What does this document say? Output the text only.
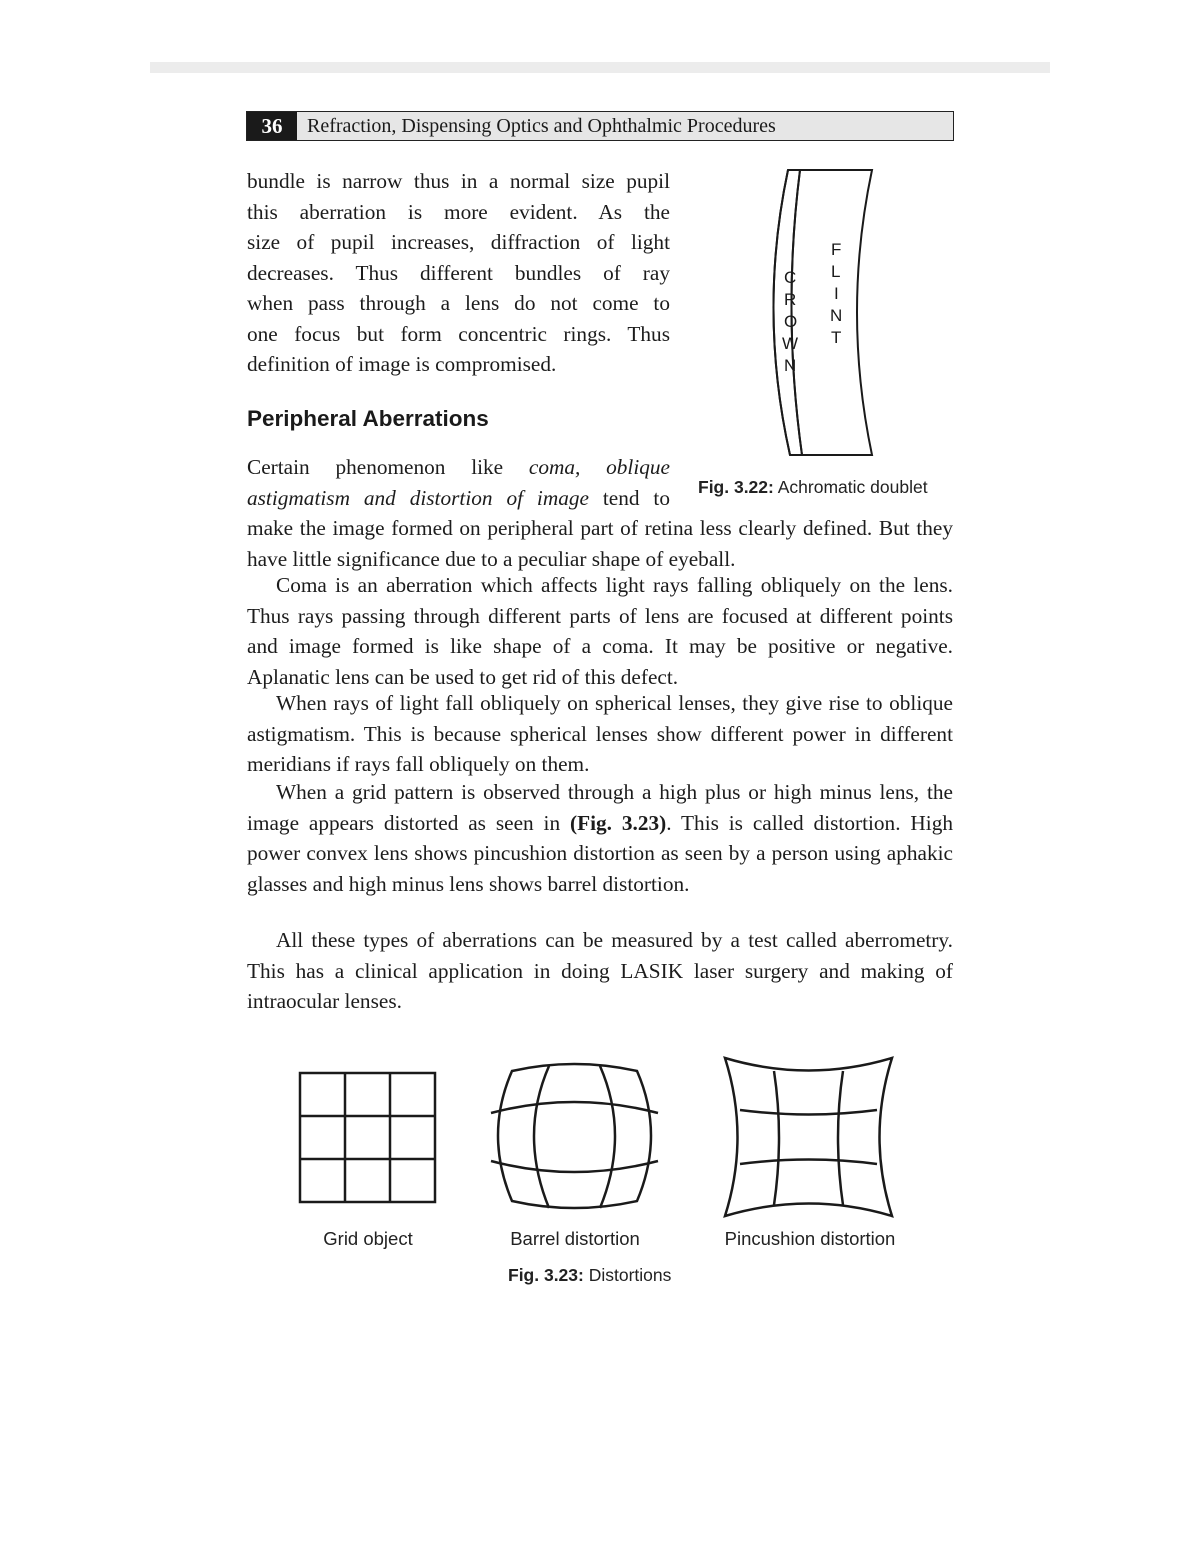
36	Refraction, Dispensing Optics and Ophthalmic Procedures
bundle is narrow thus in a normal size pupil
this aberration is more evident. As the
size of pupil increases, diffraction of light
decreases. Thus different bundles of ray
when pass through a lens do not come to
one focus but form concentric rings. Thus
definition of image is compromised.
Peripheral Aberrations
Certain phenomenon like coma, oblique
astigmatism and distortion of image tend to

make the image formed on peripheral part of retina less clearly defined. But they have little significance due to a peculiar shape of eyeball.

Coma is an aberration which affects light rays falling obliquely on the lens. Thus rays passing through different parts of lens are focused at different points and image formed is like shape of a coma. It may be positive or negative. Aplanatic lens can be used to get rid of this defect.

When rays of light fall obliquely on spherical lenses, they give rise to oblique astigmatism. This is because spherical lenses show different power in different meridians if rays fall obliquely on them.

When a grid pattern is observed through a high plus or high minus lens, the image appears distorted as seen in (Fig. 3.23). This is called distortion. High power convex lens shows pincushion distortion as seen by a person using aphakic glasses and high minus lens shows barrel distortion.

All these types of aberrations can be measured by a test called aberrometry. This has a clinical application in doing LASIK laser surgery and making of intraocular lenses.

C
R
O
W
N
F
L
I
N
T
Fig. 3.22: Achromatic doublet
Grid object	Barrel distortion	Pincushion distortion
Fig. 3.23: Distortions
